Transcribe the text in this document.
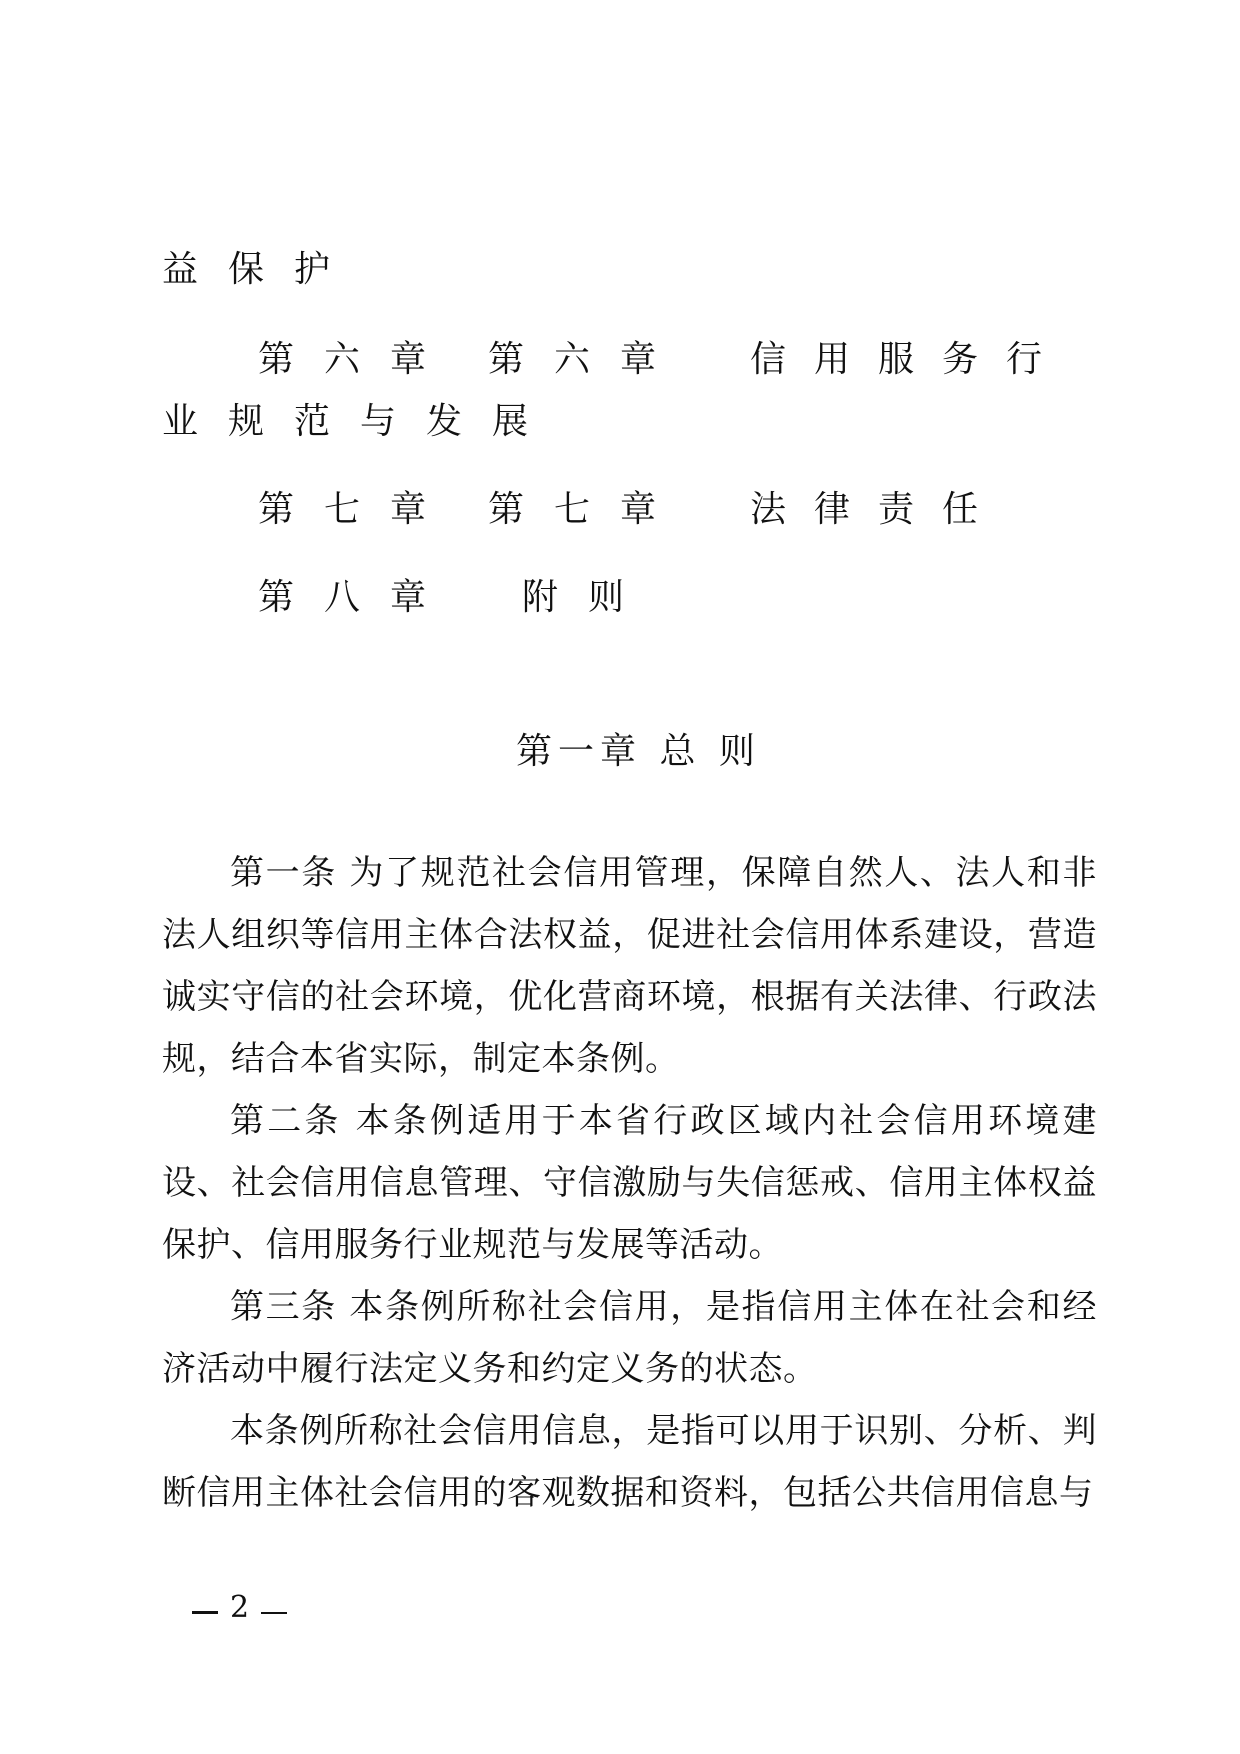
益保护
第六章 第六章 信用服务行
业规范与发展
第七章 第七章 法律责任
第八章 附则
第一章 总 则

第一条 为了规范社会信用管理，保障自然人、法人和非法人组织等信用主体合法权益，促进社会信用体系建设，营造诚实守信的社会环境，优化营商环境，根据有关法律、行政法规，结合本省实际，制定本条例。

第二条 本条例适用于本省行政区域内社会信用环境建设、社会信用信息管理、守信激励与失信惩戒、信用主体权益保护、信用服务行业规范与发展等活动。

第三条 本条例所称社会信用，是指信用主体在社会和经济活动中履行法定义务和约定义务的状态。

本条例所称社会信用信息，是指可以用于识别、分析、判断信用主体社会信用的客观数据和资料，包括公共信用信息与

2
